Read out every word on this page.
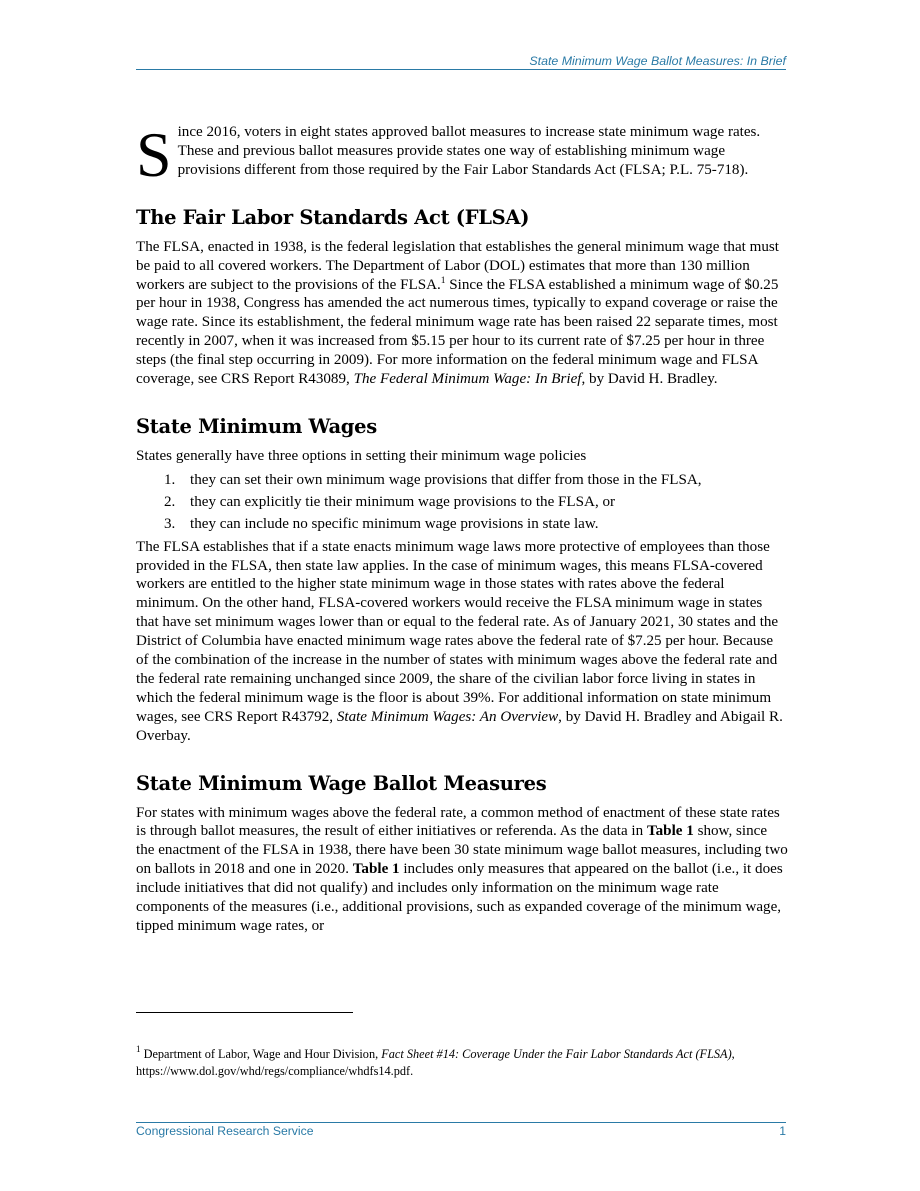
State Minimum Wage Ballot Measures: In Brief

Since 2016, voters in eight states approved ballot measures to increase state minimum wage rates. These and previous ballot measures provide states one way of establishing minimum wage provisions different from those required by the Fair Labor Standards Act (FLSA; P.L. 75-718).

The Fair Labor Standards Act (FLSA)

The FLSA, enacted in 1938, is the federal legislation that establishes the general minimum wage that must be paid to all covered workers. The Department of Labor (DOL) estimates that more than 130 million workers are subject to the provisions of the FLSA.$^1$ Since the FLSA established a minimum wage of $0.25 per hour in 1938, Congress has amended the act numerous times, typically to expand coverage or raise the wage rate. Since its establishment, the federal minimum wage rate has been raised 22 separate times, most recently in 2007, when it was increased from $5.15 per hour to its current rate of $7.25 per hour in three steps (the final step occurring in 2009). For more information on the federal minimum wage and FLSA coverage, see CRS Report R43089, The Federal Minimum Wage: In Brief, by David H. Bradley.

State Minimum Wages

States generally have three options in setting their minimum wage policies

1. they can set their own minimum wage provisions that differ from those in the FLSA,
2. they can explicitly tie their minimum wage provisions to the FLSA, or
3. they can include no specific minimum wage provisions in state law.

The FLSA establishes that if a state enacts minimum wage laws more protective of employees than those provided in the FLSA, then state law applies. In the case of minimum wages, this means FLSA-covered workers are entitled to the higher state minimum wage in those states with rates above the federal minimum. On the other hand, FLSA-covered workers would receive the FLSA minimum wage in states that have set minimum wages lower than or equal to the federal rate. As of January 2021, 30 states and the District of Columbia have enacted minimum wage rates above the federal rate of $7.25 per hour. Because of the combination of the increase in the number of states with minimum wages above the federal rate and the federal rate remaining unchanged since 2009, the share of the civilian labor force living in states in which the federal minimum wage is the floor is about 39%. For additional information on state minimum wages, see CRS Report R43792, State Minimum Wages: An Overview, by David H. Bradley and Abigail R. Overbay.

State Minimum Wage Ballot Measures

For states with minimum wages above the federal rate, a common method of enactment of these state rates is through ballot measures, the result of either initiatives or referenda. As the data in Table 1 show, since the enactment of the FLSA in 1938, there have been 30 state minimum wage ballot measures, including two on ballots in 2018 and one in 2020. Table 1 includes only measures that appeared on the ballot (i.e., it does include initiatives that did not qualify) and includes only information on the minimum wage rate components of the measures (i.e., additional provisions, such as expanded coverage of the minimum wage, tipped minimum wage rates, or

$^1$ Department of Labor, Wage and Hour Division, Fact Sheet #14: Coverage Under the Fair Labor Standards Act (FLSA), https://www.dol.gov/whd/regs/compliance/whdfs14.pdf.
Congressional Research Service	1
